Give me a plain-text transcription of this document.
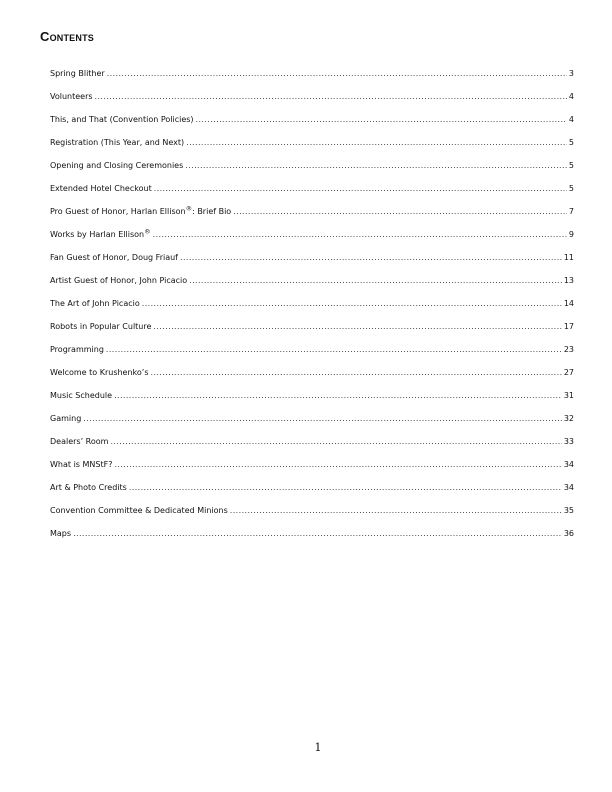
Contents
Spring Blither .....	3
Volunteers .....	4
This, and That (Convention Policies) .....	4
Registration (This Year, and Next) .....	5
Opening and Closing Ceremonies .....	5
Extended Hotel Checkout .....	5
Pro Guest of Honor, Harlan Ellison®: Brief Bio .....	7
Works by Harlan Ellison® .....	9
Fan Guest of Honor, Doug Friauf .....	11
Artist Guest of Honor, John Picacio .....	13
The Art of John Picacio .....	14
Robots in Popular Culture .....	17
Programming .....	23
Welcome to Krushenko’s .....	27
Music Schedule .....	31
Gaming .....	32
Dealers’ Room .....	33
What is MNStF? .....	34
Art & Photo Credits .....	34
Convention Committee & Dedicated Minions .....	35
Maps .....	36
1
